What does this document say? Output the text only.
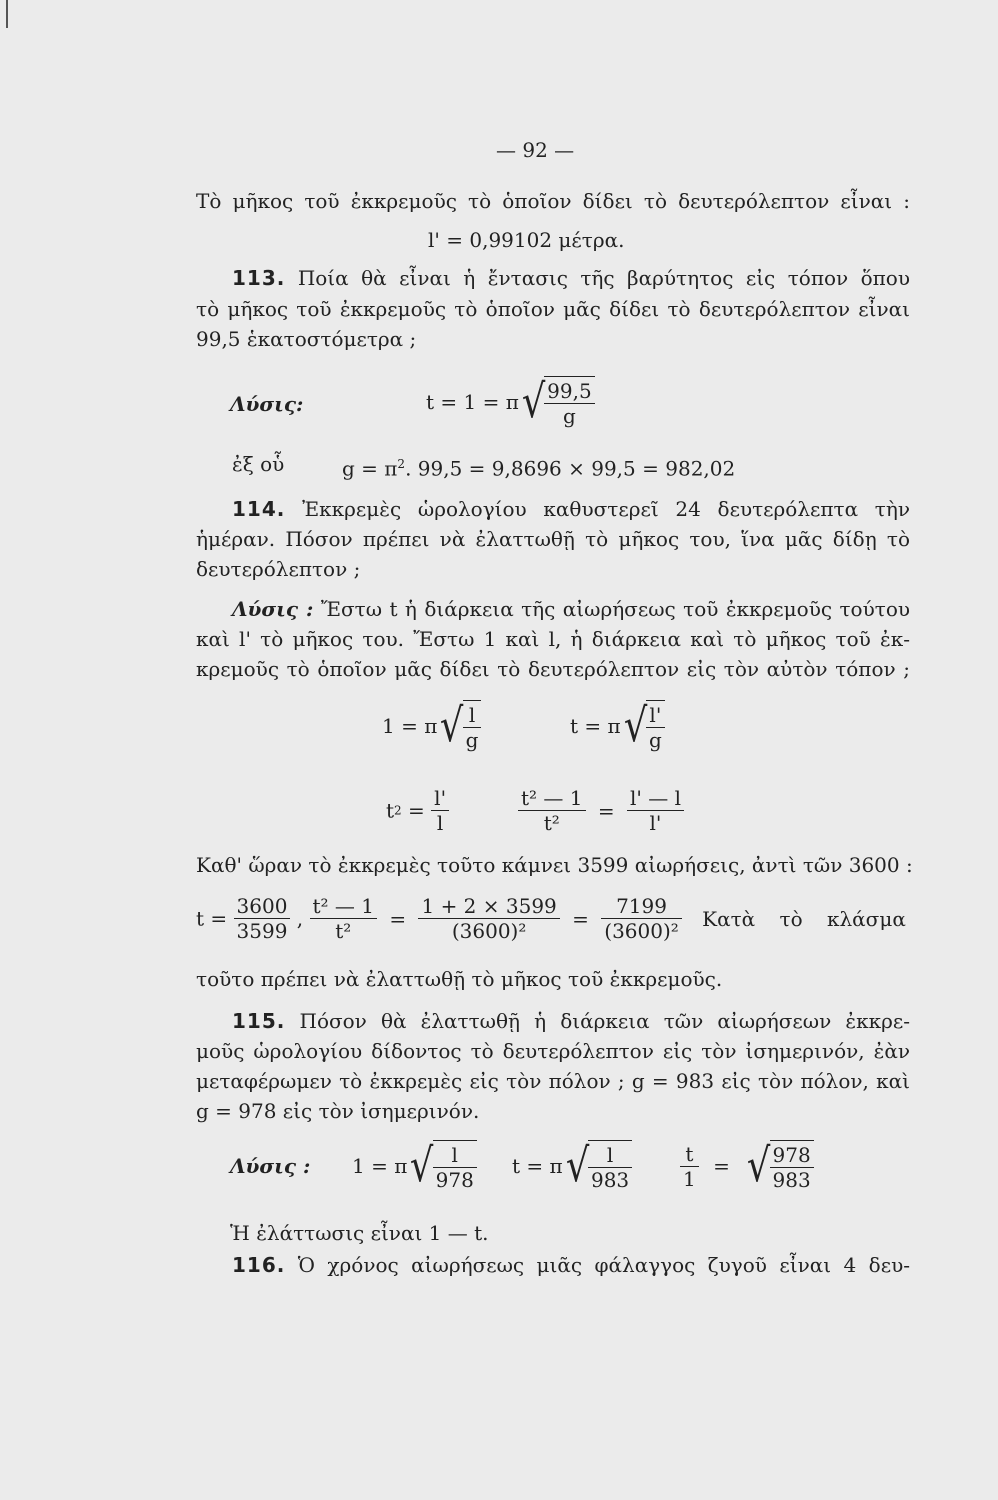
— 92 —
Τὸ μῆκος τοῦ ἐκκρεμοῦς τὸ ὁποῖον δίδει τὸ δευτερόλεπτον εἶναι :
l' = 0,99102 μέτρα.
113. Ποία θὰ εἶναι ἡ ἔντασις τῆς βαρύτητος εἰς τόπον ὅπου
τὸ μῆκος τοῦ ἐκκρεμοῦς τὸ ὁποῖον μᾶς δίδει τὸ δευτερόλεπτον εἶναι
99,5 ἑκατοστόμετρα ;
Λύσις:	t = 1 = π √
$\frac{99,5}{g}$
ἐξ οὗ	$g = \pi^2$. 99,5 = 9,8696 × 99,5 = 982,02
114. Ἐκκρεμὲς ὡρολογίου καθυστερεῖ 24 δευτερόλεπτα τὴν
ἡμέραν. Πόσον πρέπει νὰ ἐλαττωθῇ τὸ μῆκος του, ἵνα μᾶς δίδῃ τὸ
δευτερόλεπτον ;
Λύσις : Ἔστω t ἡ διάρκεια τῆς αἰωρήσεως τοῦ ἐκκρεμοῦς τούτου
καὶ l' τὸ μῆκος του. Ἔστω 1 καὶ l, ἡ διάρκεια καὶ τὸ μῆκος τοῦ ἐκ-
κρεμοῦς τὸ ὁποῖον μᾶς δίδει τὸ δευτερόλεπτον εἰς τὸν αὐτὸν τόπον ;
1 = π √
$\frac{l}{g}$	t = π √
$\frac{l'}{g}$
$t2 = \frac{l'}{l}$	$\frac{\text{t² — 1}}{\text{t²}} = \frac{l' — l}{l'}$
Καθ' ὥραν τὸ ἐκκρεμὲς τοῦτο κάμνει 3599 αἰωρήσεις, ἀντὶ τῶν 3600 :
$t = \frac{3600}{3599}$ , $\frac{\text{t² — 1}}{\text{t²}} = \frac{1 + 2 \times 3599}{\text{(3600)²}} = \frac{7199}{\text{(3600)²}}$ Κατὰ τὸ κλάσμα
τοῦτο πρέπει νὰ ἐλαττωθῇ τὸ μῆκος τοῦ ἐκκρεμοῦς.
115. Πόσον θὰ ἐλαττωθῇ ἡ διάρκεια τῶν αἰωρήσεων ἐκκρε-
μοῦς ὡρολογίου δίδοντος τὸ δευτερόλεπτον εἰς τὸν ἰσημερινόν, ἐὰν
μεταφέρωμεν τὸ ἐκκρεμὲς εἰς τὸν πόλον ; g = 983 εἰς τὸν πόλον, καὶ
g = 978 εἰς τὸν ἰσημερινόν.
Λύσις : 1 = π √
$\frac{l}{978}$ t = π √
$\frac{l}{983} \frac{t}{1}$ = √
$\frac{978}{983}$
Ἡ ἐλάττωσις εἶναι 1 — t.
116. Ὁ χρόνος αἰωρήσεως μιᾶς φάλαγγος ζυγοῦ εἶναι 4 δευ-
